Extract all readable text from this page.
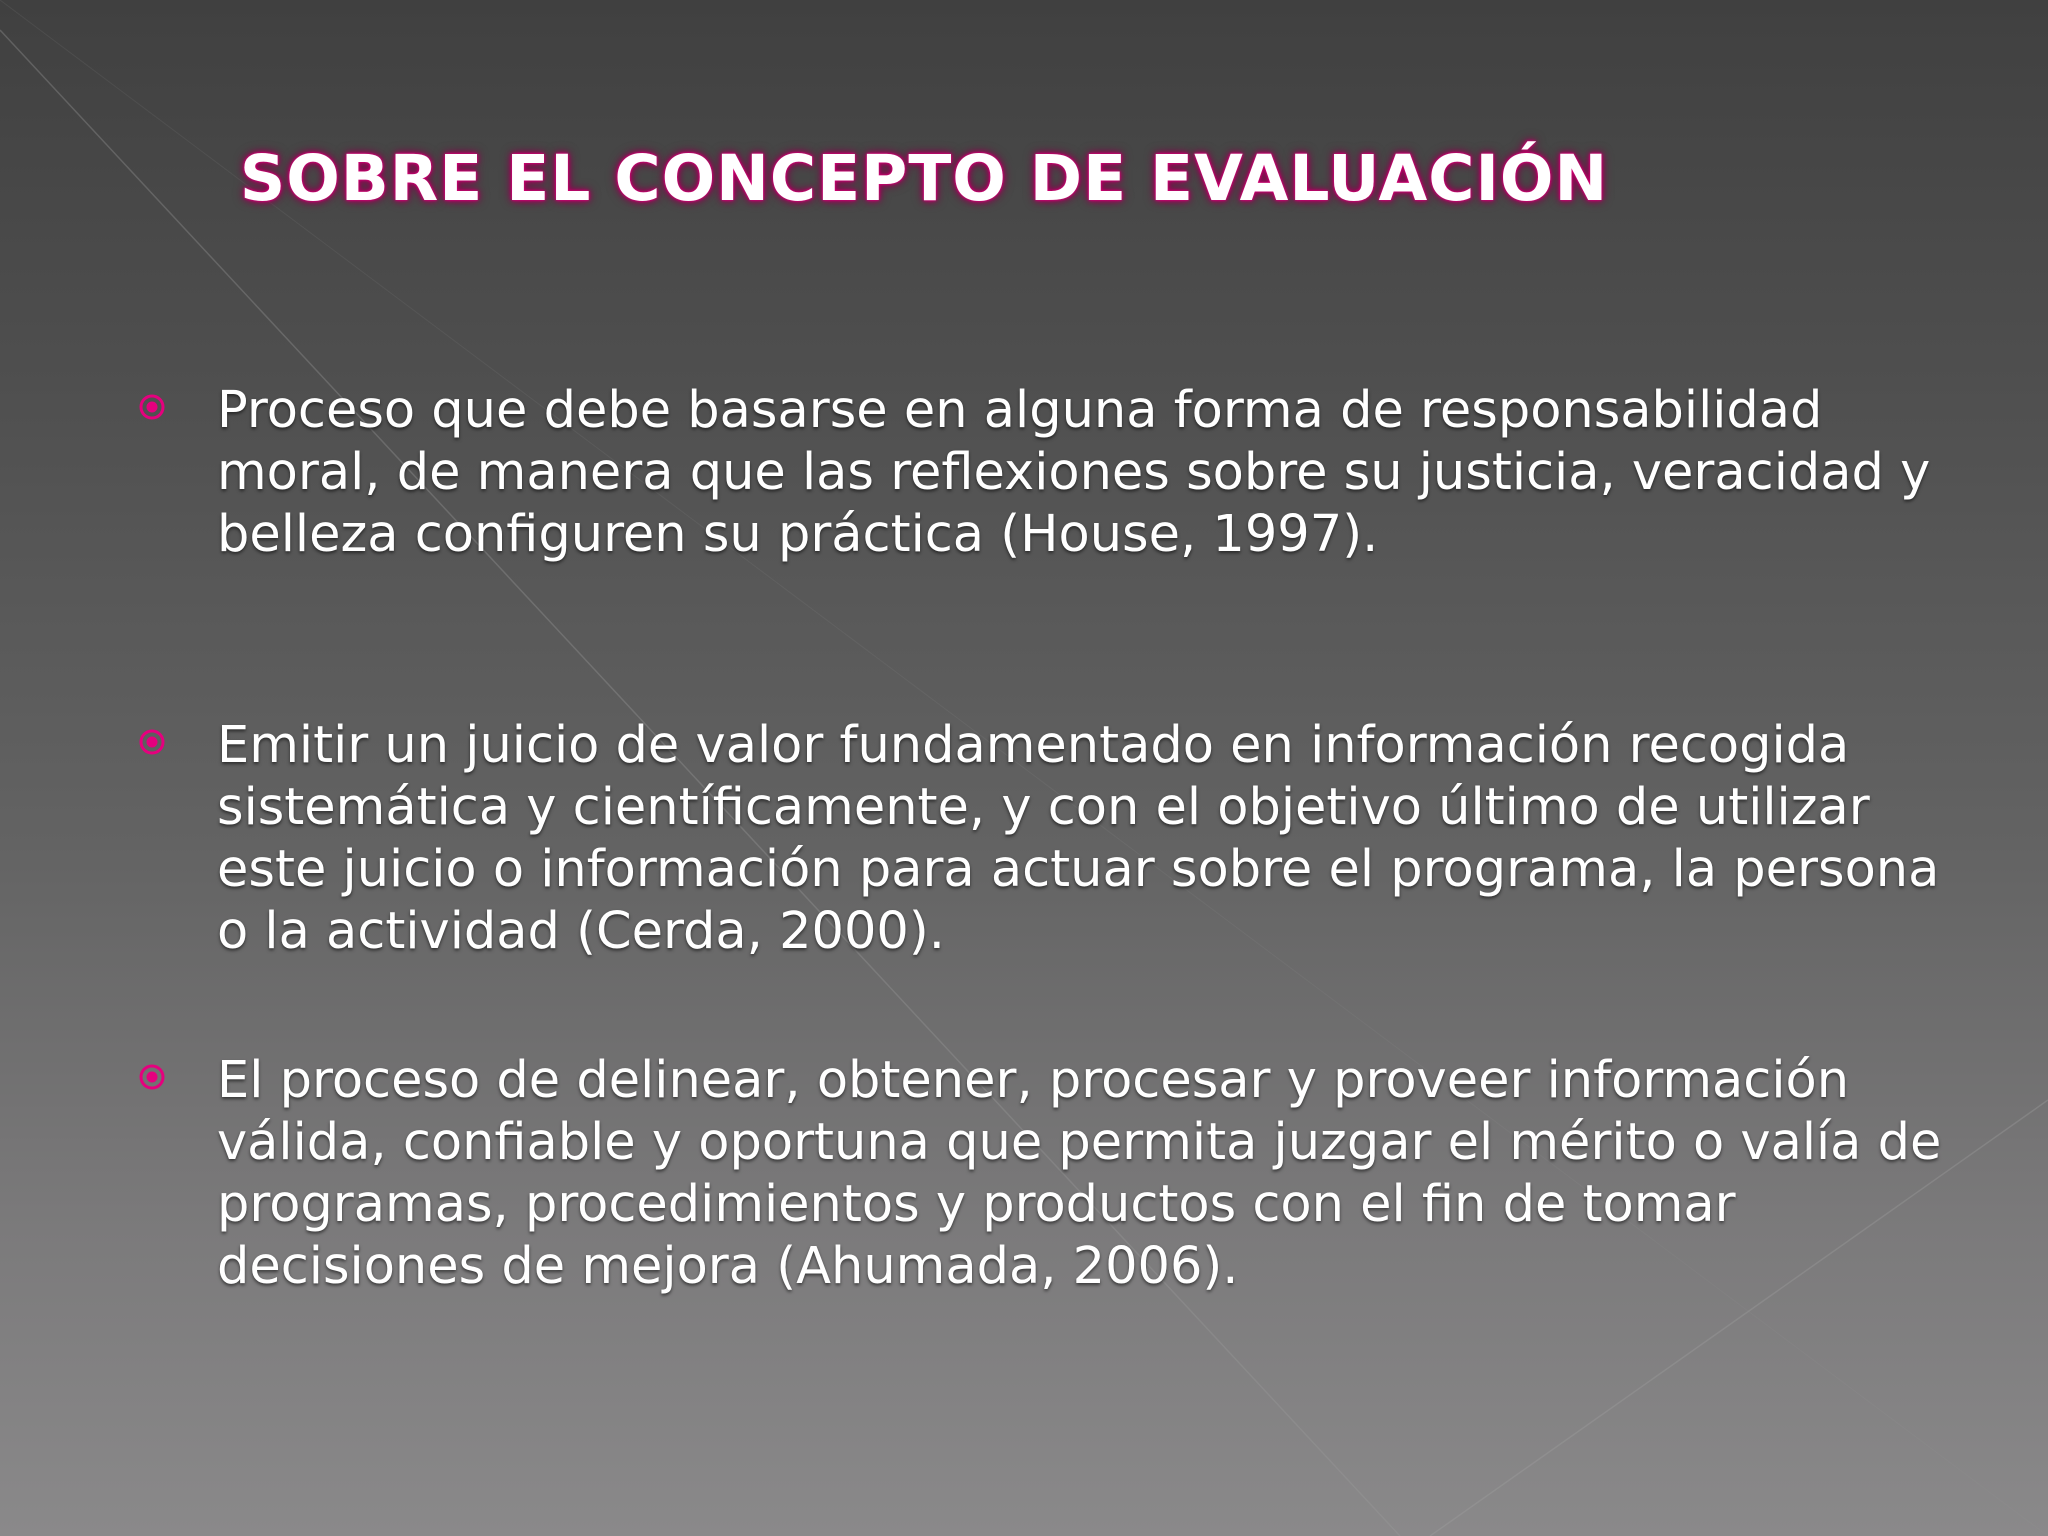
SOBRE EL CONCEPTO DE EVALUACIÓN

Proceso que debe basarse en alguna forma de responsabilidad moral, de manera que las reflexiones sobre su justicia, veracidad y belleza configuren su práctica (House, 1997).

Emitir un juicio de valor fundamentado en información recogida sistemática y científicamente, y con el objetivo último de utilizar este juicio o información para actuar sobre el programa, la persona o la actividad (Cerda, 2000).

El proceso de delinear, obtener, procesar y proveer información válida, confiable y oportuna que permita juzgar el mérito o valía de programas, procedimientos y productos con el fin de tomar decisiones de mejora (Ahumada, 2006).
